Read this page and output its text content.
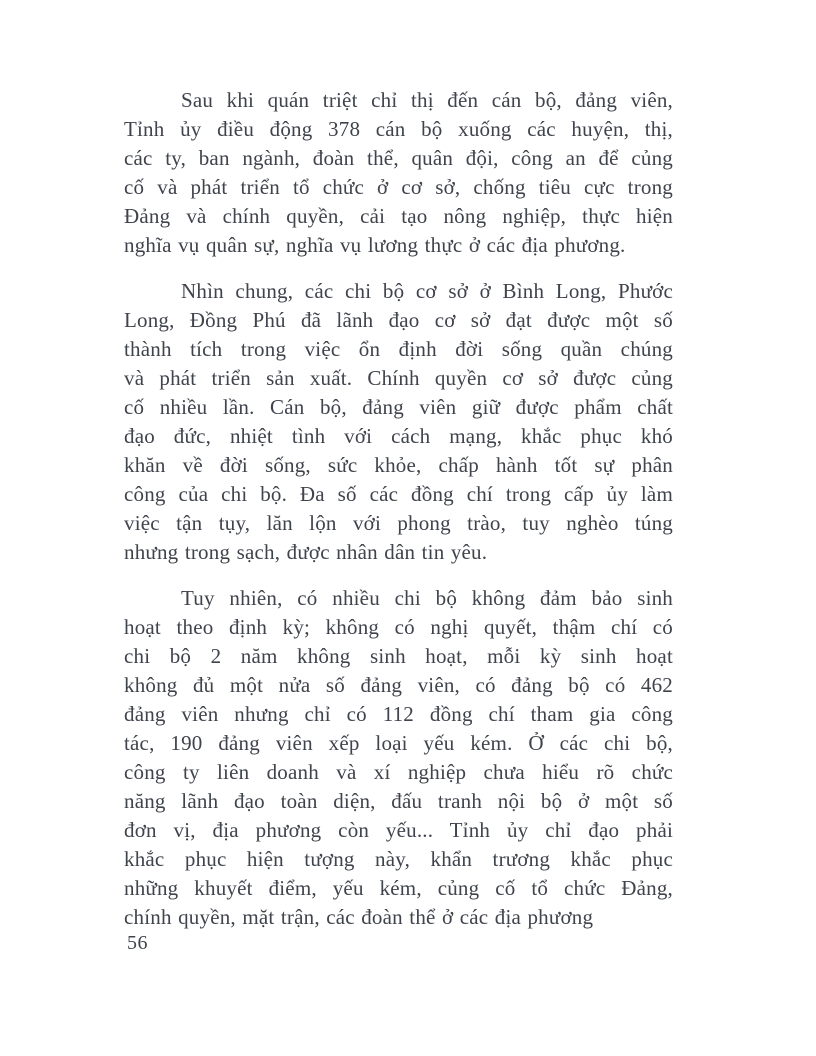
Sau khi quán triệt chỉ thị đến cán bộ, đảng viên,
Tỉnh ủy điều động 378 cán bộ xuống các huyện, thị,
các ty, ban ngành, đoàn thể, quân đội, công an để củng
cố và phát triển tổ chức ở cơ sở, chống tiêu cực trong
Đảng và chính quyền, cải tạo nông nghiệp, thực hiện
nghĩa vụ quân sự, nghĩa vụ lương thực ở các địa phương.

Nhìn chung, các chi bộ cơ sở ở Bình Long, Phước
Long, Đồng Phú đã lãnh đạo cơ sở đạt được một số
thành tích trong việc ổn định đời sống quần chúng
và phát triển sản xuất. Chính quyền cơ sở được củng
cố nhiều lần. Cán bộ, đảng viên giữ được phẩm chất
đạo đức, nhiệt tình với cách mạng, khắc phục khó
khăn về đời sống, sức khỏe, chấp hành tốt sự phân
công của chi bộ. Đa số các đồng chí trong cấp ủy làm
việc tận tụy, lăn lộn với phong trào, tuy nghèo túng
nhưng trong sạch, được nhân dân tin yêu.

Tuy nhiên, có nhiều chi bộ không đảm bảo sinh
hoạt theo định kỳ; không có nghị quyết, thậm chí có
chi bộ 2 năm không sinh hoạt, mỗi kỳ sinh hoạt
không đủ một nửa số đảng viên, có đảng bộ có 462
đảng viên nhưng chỉ có 112 đồng chí tham gia công
tác, 190 đảng viên xếp loại yếu kém. Ở các chi bộ,
công ty liên doanh và xí nghiệp chưa hiểu rõ chức
năng lãnh đạo toàn diện, đấu tranh nội bộ ở một số
đơn vị, địa phương còn yếu... Tỉnh ủy chỉ đạo phải
khắc phục hiện tượng này, khẩn trương khắc phục
những khuyết điểm, yếu kém, củng cố tổ chức Đảng,
chính quyền, mặt trận, các đoàn thể ở các địa phương

56
